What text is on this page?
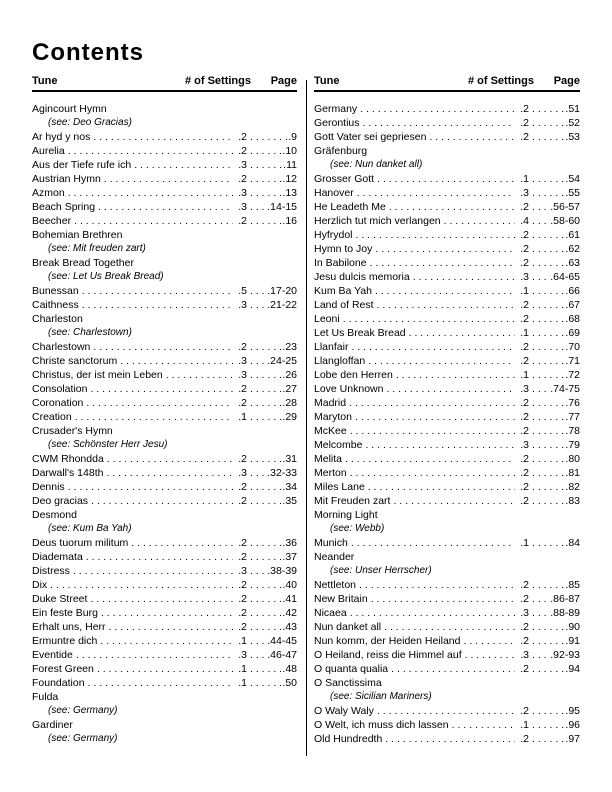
Contents
Tune	# of Settings	Page
Agincourt Hymn
(see: Deo Gracias)
Ar hyd y nos . . .	. 2 . . .	. 9
Aurelia . . .	. 2 . . .	. 10
Aus der Tiefe rufe ich . . .	. 3 . . .	. 11
Austrian Hymn . . .	. 2 . . .	. 12
Azmon . . .	. 3 . . .	. 13
Beach Spring . . .	. 3 . . . . 14-15
Beecher . . .	. 2 . . .	. 16
Bohemian Brethren
(see: Mit freuden zart)
Break Bread Together
(see: Let Us Break Bread)
Bunessan . . .	. 5 . . . . 17-20
Caithness . . .	. 3 . . . . 21-22
Charleston
(see: Charlestown)
Charlestown . . .	. 2 . . .	. 23
Christe sanctorum . . .	. 3 . . . . 24-25
Christus, der ist mein Leben . . .	. 3 . . .	. 26
Consolation . . .	. 2 . . .	. 27
Coronation . . .	. 2 . . .	. 28
Creation . . .	. 1 . . .	. 29
Crusader's Hymn
(see: Schönster Herr Jesu)
CWM Rhondda . . .	. 2 . . .	. 31
Darwall's 148th . . .	. 3 . . . . 32-33
Dennis . . .	. 2 . . .	. 34
Deo gracias . . .	. 2 . . .	. 35
Desmond
(see: Kum Ba Yah)
Deus tuorum militum . . .	. 2 . . .	. 36
Diademata . . .	. 2 . . .	. 37
Distress . . .	. 3 . . . . 38-39
Dix . . .	. 2 . . .	. 40
Duke Street . . .	. 2 . . .	. 41
Ein feste Burg . . .	. 2 . . .	. 42
Erhalt uns, Herr . . .	. 2 . . .	. 43
Ermuntre dich . . .	. 1 . . . . 44-45
Eventide . . .	. 3 . . . . 46-47
Forest Green . . .	. 1 . . .	. 48
Foundation . . .	. 1 . . .	. 50
Fulda
(see: Germany)
Gardiner
(see: Germany)
Tune	# of Settings	Page
Germany . . .	. 2 . . .	. 51
Gerontius . . .	. 2 . . .	. 52
Gott Vater sei gepriesen . . .	. 2 . . .	. 53
Gräfenburg
(see: Nun danket all)
Grosser Gott . . .	. 1 . . .	. 54
Hanover . . .	. 3 . . .	. 55
He Leadeth Me . . .	. 2 . . . . 56-57
Herzlich tut mich verlangen . . .	. 4 . . . . 58-60
Hyfrydol . . .	. 2 . . .	. 61
Hymn to Joy . . .	. 2 . . .	. 62
In Babilone . . .	. 2 . . .	. 63
Jesu dulcis memoria . . .	. 3 . . . . 64-65
Kum Ba Yah . . .	. 1 . . .	. 66
Land of Rest . . .	. 2 . . .	. 67
Leoni . . .	. 2 . . .	. 68
Let Us Break Bread . . .	. 1 . . .	. 69
Llanfair . . .	. 2 . . .	. 70
Llangloffan . . .	. 2 . . .	. 71
Lobe den Herren . . .	. 1 . . .	. 72
Love Unknown . . .	. 3 . . . . 74-75
Madrid . . .	. 2 . . .	. 76
Maryton . . .	. 2 . . .	. 77
McKee . . .	. 2 . . .	. 78
Melcombe . . .	. 3 . . .	. 79
Melita . . .	. 2 . . .	. 80
Merton . . .	. 2 . . .	. 81
Miles Lane . . .	. 2 . . .	. 82
Mit Freuden zart . . .	. 2 . . .	. 83
Morning Light
(see: Webb)
Munich . . .	. 1 . . .	. 84
Neander
(see: Unser Herrscher)
Nettleton . . .	. 2 . . .	. 85
New Britain . . .	. 2 . . . . 86-87
Nicaea . . .	. 3 . . . . 88-89
Nun danket all . . .	. 2 . . .	. 90
Nun komm, der Heiden Heiland . . .	. 2 . . .	. 91
O Heiland, reiss die Himmel auf . . .	. 3 . . . . 92-93
O quanta qualia . . .	. 2 . . .	. 94
O Sanctissima
(see: Sicilian Mariners)
O Waly Waly . . .	. 2 . . .	. 95
O Welt, ich muss dich lassen . . .	. 1 . . .	. 96
Old Hundredth . . .	. 2 . . .	. 97
